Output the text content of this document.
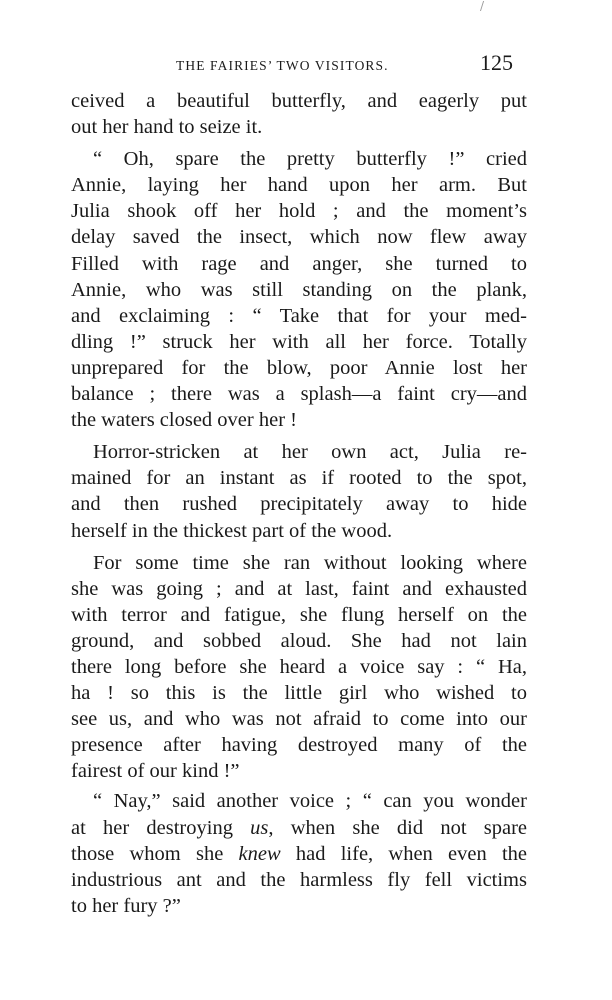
/
THE FAIRIES’ TWO VISITORS.	125
ceived a beautiful butterfly, and eagerly put
out her hand to seize it.
“ Oh, spare the pretty butterfly !” cried
Annie, laying her hand upon her arm. But
Julia shook off her hold ; and the moment’s
delay saved the insect, which now flew away
Filled with rage and anger, she turned to
Annie, who was still standing on the plank,
and exclaiming : “ Take that for your med-
dling !” struck her with all her force. Totally
unprepared for the blow, poor Annie lost her
balance ; there was a splash—a faint cry—and
the waters closed over her !
Horror-stricken at her own act, Julia re-
mained for an instant as if rooted to the spot,
and then rushed precipitately away to hide
herself in the thickest part of the wood.
For some time she ran without looking where
she was going ; and at last, faint and exhausted
with terror and fatigue, she flung herself on the
ground, and sobbed aloud. She had not lain
there long before she heard a voice say : “ Ha,
ha ! so this is the little girl who wished to
see us, and who was not afraid to come into our
presence after having destroyed many of the
fairest of our kind !”
“ Nay,” said another voice ; “ can you wonder
at her destroying us, when she did not spare
those whom she knew had life, when even the
industrious ant and the harmless fly fell victims
to her fury ?”
